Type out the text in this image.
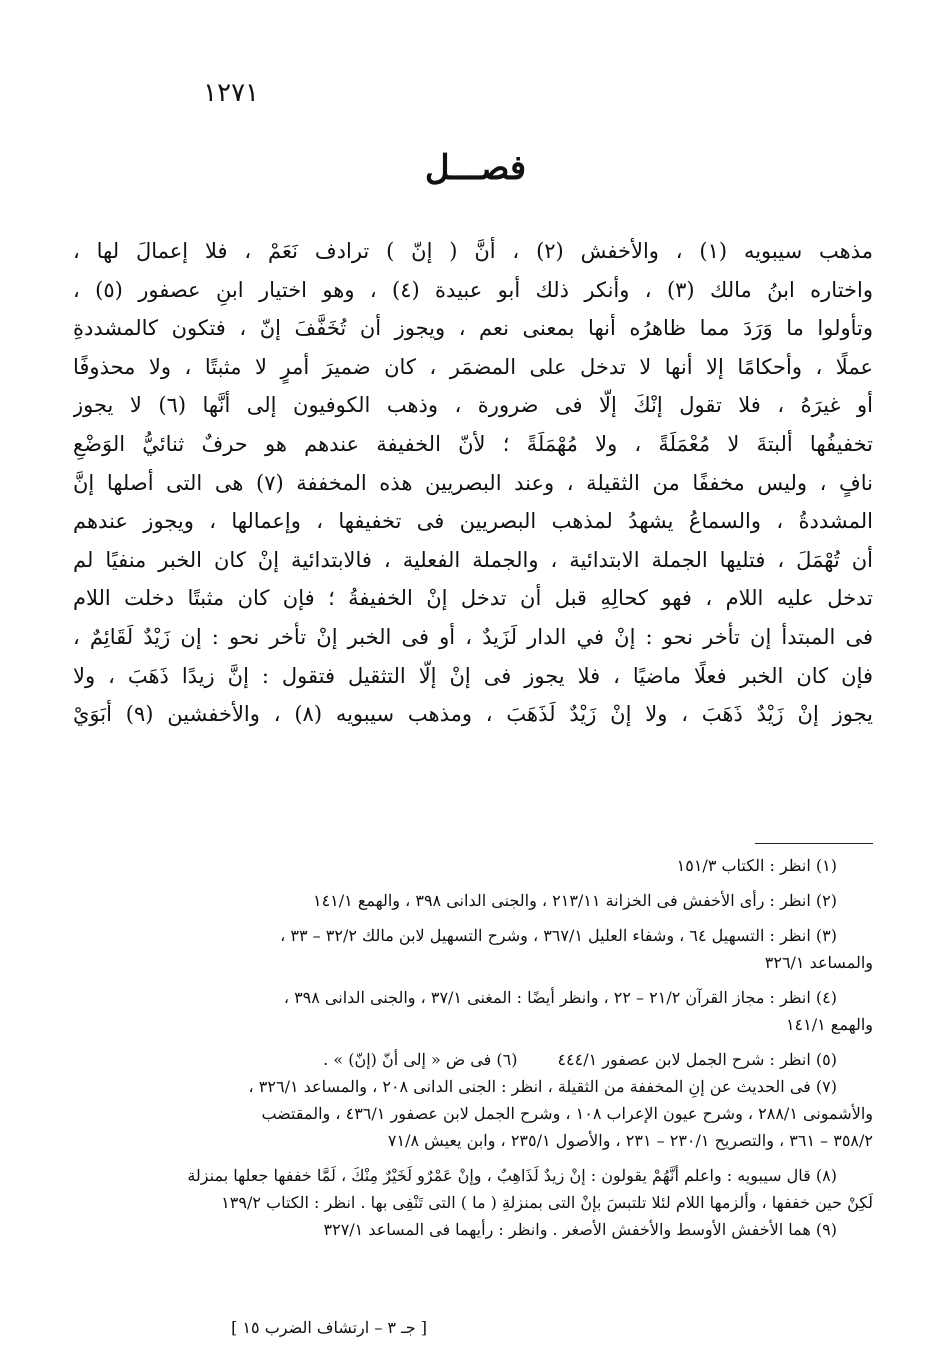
١٢٧١
فصـــل
مذهب سيبويه (١) ، والأخفش (٢) ، أنَّ ( إنّ ) ترادف نَعَمْ ، فلا إعمالَ لها ،
واختاره ابنُ مالك (٣) ، وأنكر ذلك أبو عبيدة (٤) ، وهو اختيار ابنِ عصفور (٥) ،
وتأولوا ما وَرَدَ مما ظاهرُه أنها بمعنى نعم ، ويجوز أن تُخَفَّفَ إنّ ، فتكون كالمشددةِ
عملًا ، وأحكامًا إلا أنها لا تدخل على المضمَر ، كان ضميرَ أمرٍ لا مثبتًا ، ولا محذوفًا
أو غيرَهُ ، فلا تقول إنْكَ إلّا فى ضرورة ، وذهب الكوفيون إلى أنَّها (٦) لا يجوز
تخفيفُها ألبتةَ لا مُعْمَلَةً ، ولا مُهْمَلَةً ؛ لأنّ الخفيفة عندهم هو حرفٌ ثنائيُّ الوَضْعِ
نافٍ ، وليس مخففًا من الثقيلة ، وعند البصريين هذه المخففة (٧) هى التى أصلها إنَّ
المشددةُ ، والسماعُ يشهدُ لمذهب البصريين فى تخفيفها ، وإعمالها ، ويجوز عندهم
أن تُهْمَلَ ، فتليها الجملة الابتدائية ، والجملة الفعلية ، فالابتدائية إنْ كان الخبر منفيًا لم
تدخل عليه اللام ، فهو كحالِهِ قبل أن تدخل إنْ الخفيفةُ ؛ فإن كان مثبتًا دخلت اللام
فى المبتدأ إن تأخر نحو : إنْ في الدار لَزَيدٌ ، أو فى الخبر إنْ تأخر نحو : إن زَيْدٌ لَقَائِمٌ ،
فإن كان الخبر فعلًا ماضيًا ، فلا يجوز فى إنْ إلّا التثقيل فتقول : إنَّ زيدًا ذَهَبَ ، ولا
يجوز إنْ زَيْدٌ ذَهَبَ ، ولا إنْ زَيْدٌ لَذَهَبَ ، ومذهب سيبويه (٨) ، والأخفشين (٩) أبَوَيْ
(١) انظر : الكتاب ١٥١/٣
(٢) انظر : رأى الأخفش فى الخزانة ٢١٣/١١ ، والجنى الدانى ٣٩٨ ، والهمع ١٤١/١
(٣) انظر : التسهيل ٦٤ ، وشفاء العليل ٣٦٧/١ ، وشرح التسهيل لابن مالك ٣٢/٢ – ٣٣ ،
والمساعد ٣٢٦/١
(٤) انظر : مجاز القرآن ٢١/٢ – ٢٢ ، وانظر أيضًا : المغنى ٣٧/١ ، والجنى الدانى ٣٩٨ ،
والهمع ١٤١/١
(٥) انظر : شرح الجمل لابن عصفور ٤٤٤/١
(٦) فى ض « إلى أنّ (إنّ) » .
(٧) فى الحديث عن إنِ المخففة من الثقيلة ، انظر : الجنى الدانى ٢٠٨ ، والمساعد ٣٢٦/١ ،
والأشمونى ٢٨٨/١ ، وشرح عيون الإعراب ١٠٨ ، وشرح الجمل لابن عصفور ٤٣٦/١ ، والمقتضب
٣٥٨/٢ – ٣٦١ ، والتصريح ٢٣٠/١ – ٢٣١ ، والأصول ٢٣٥/١ ، وابن يعيش ٧١/٨
(٨) قال سيبويه : واعلم أنَّهُمْ يقولون : إنْ زيدٌ لَذَاهِبٌ ، وإنْ عَمْرٌو لَخَيْرٌ مِنْكَ ، لَمَّا خففها جعلها بمنزلة
لَكِنْ حين خففها ، وألزمها اللام لئلا تلتبسَ بإنْ التى بمنزلةِ ( ما ) التى تَنْفِى بها . انظر : الكتاب ١٣٩/٢
(٩) هما الأخفش الأوسط والأخفش الأصغر . وانظر : رأيهما فى المساعد ٣٢٧/١
[ جـ ٣ – ارتشاف الضرب ١٥ ]
